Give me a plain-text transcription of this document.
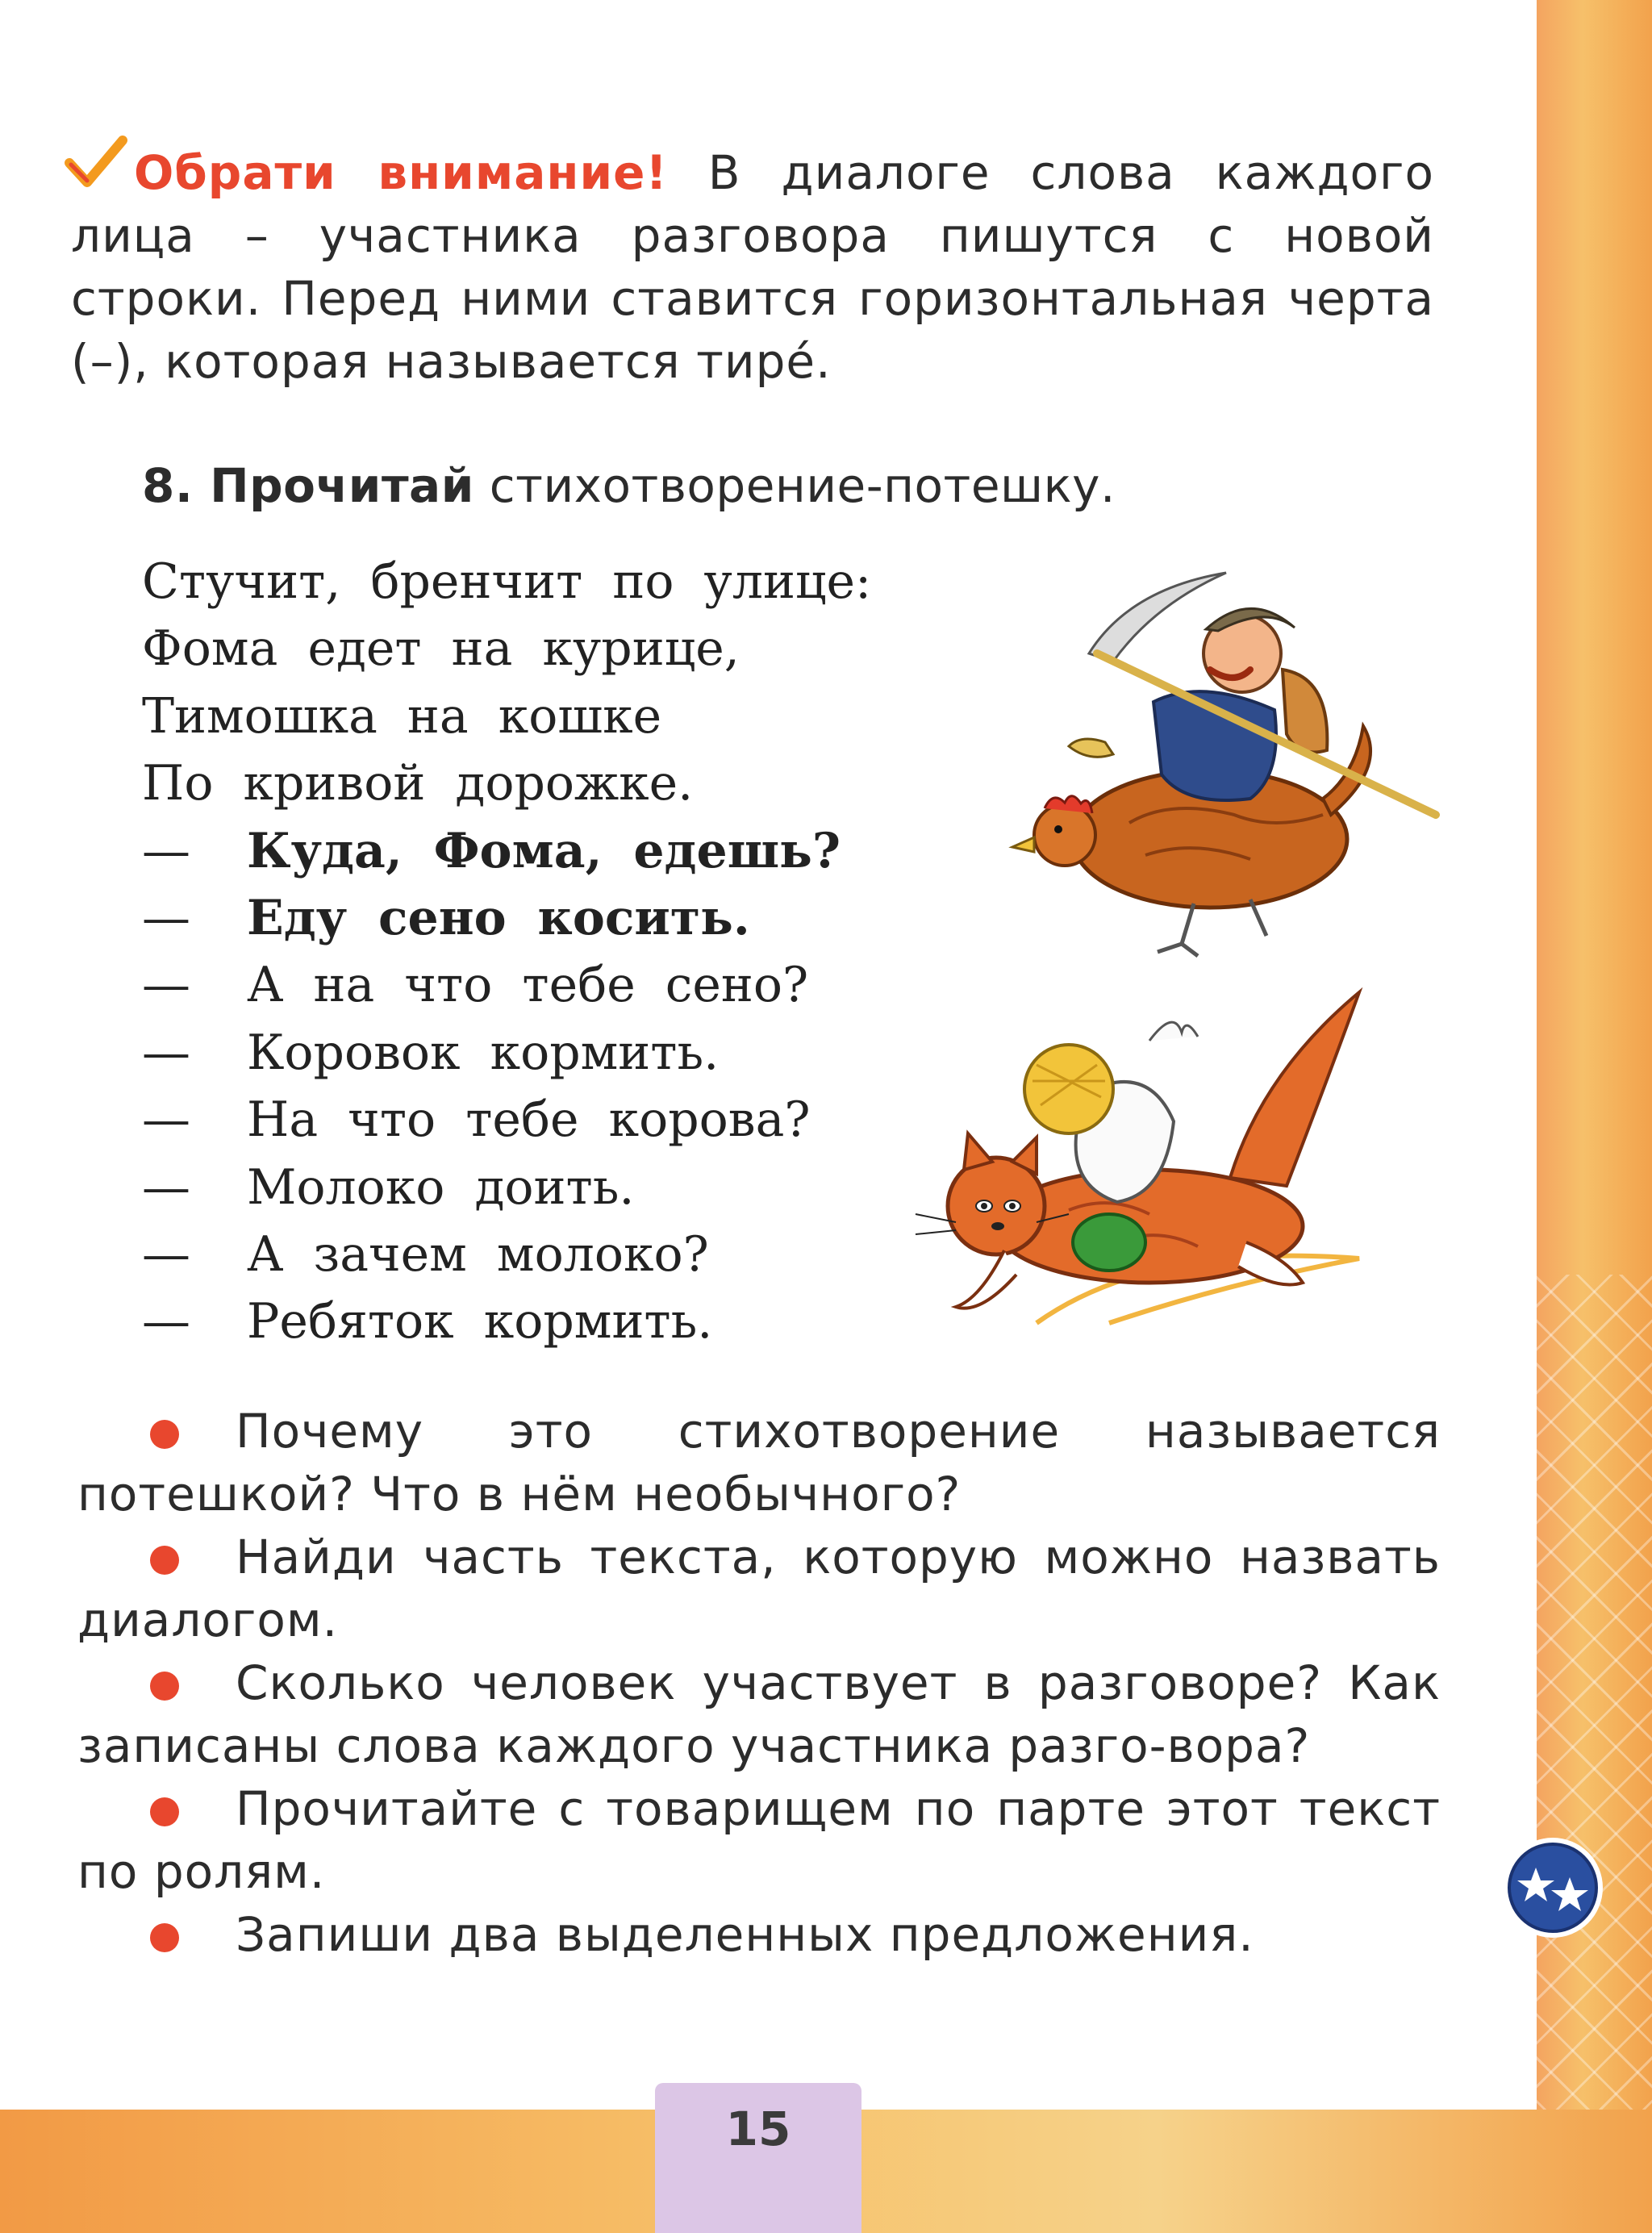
15
Обрати внимание! В диалоге слова каждого лица – участника разговора пишутся с новой строки. Перед ними ставится горизонтальная черта (–), которая называется тирé.
8. Прочитай стихотворение-потешку.
Стучит, бренчит по улице:
Фома едет на курице,
Тимошка на кошке
По кривой дорожке.
— Куда, Фома, едешь?
— Еду сено косить.
— А на что тебе сено?
— Коровок кормить.
— На что тебе корова?
— Молоко доить.
— А зачем молоко?
— Ребяток кормить.
Почему это стихотворение называется потешкой? Что в нём необычного?
Найди часть текста, которую можно назвать диалогом.
Сколько человек участвует в разговоре? Как записаны слова каждого участника разго-вора?
Прочитайте с товарищем по парте этот текст по ролям.
Запиши два выделенных предложения.
